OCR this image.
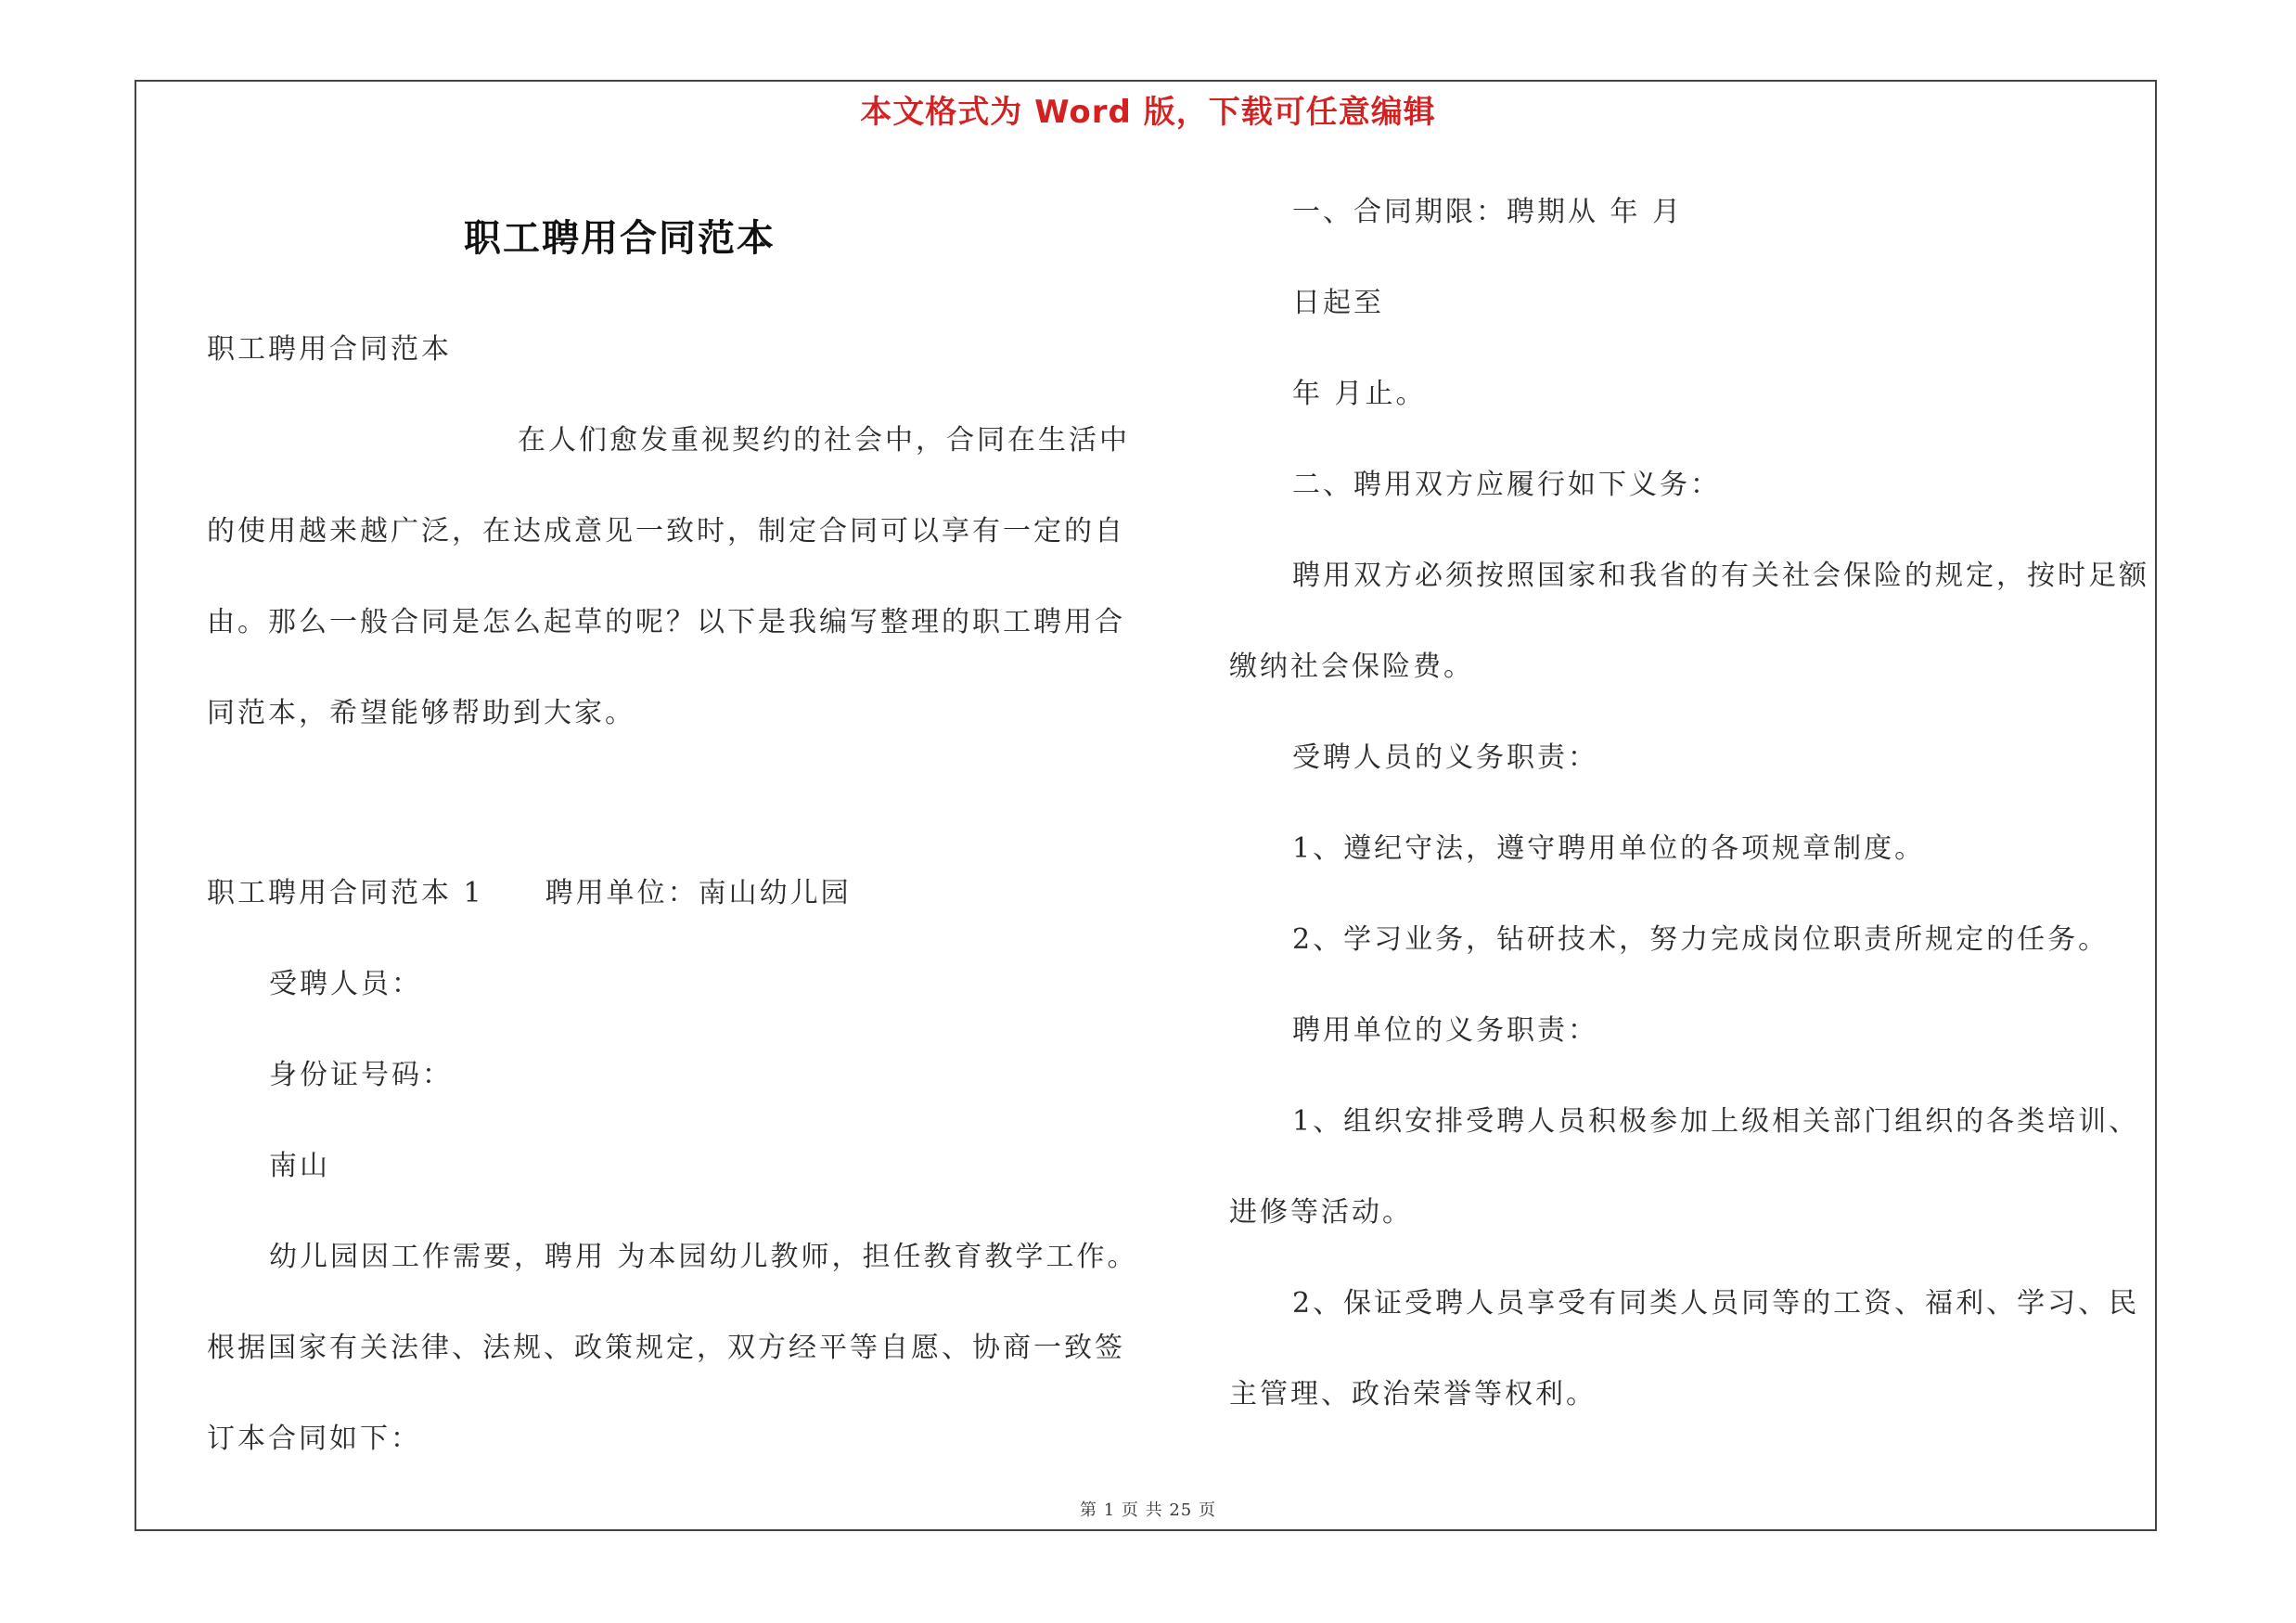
本文格式为 Word 版，下载可任意编辑
职工聘用合同范本
职工聘用合同范本
在人们愈发重视契约的社会中，合同在生活中
的使用越来越广泛，在达成意见一致时，制定合同可以享有一定的自
由。那么一般合同是怎么起草的呢？以下是我编写整理的职工聘用合
同范本，希望能够帮助到大家。
职工聘用合同范本 1　　聘用单位：南山幼儿园
受聘人员：
身份证号码：
南山
幼儿园因工作需要，聘用 为本园幼儿教师，担任教育教学工作。
根据国家有关法律、法规、政策规定，双方经平等自愿、协商一致签
订本合同如下：
一、合同期限：聘期从 年 月
日起至
年 月止。
二、聘用双方应履行如下义务：
聘用双方必须按照国家和我省的有关社会保险的规定，按时足额
缴纳社会保险费。
受聘人员的义务职责：
1、遵纪守法，遵守聘用单位的各项规章制度。
2、学习业务，钻研技术，努力完成岗位职责所规定的任务。
聘用单位的义务职责：
1、组织安排受聘人员积极参加上级相关部门组织的各类培训、
进修等活动。
2、保证受聘人员享受有同类人员同等的工资、福利、学习、民
主管理、政治荣誉等权利。
第 1 页 共 25 页
